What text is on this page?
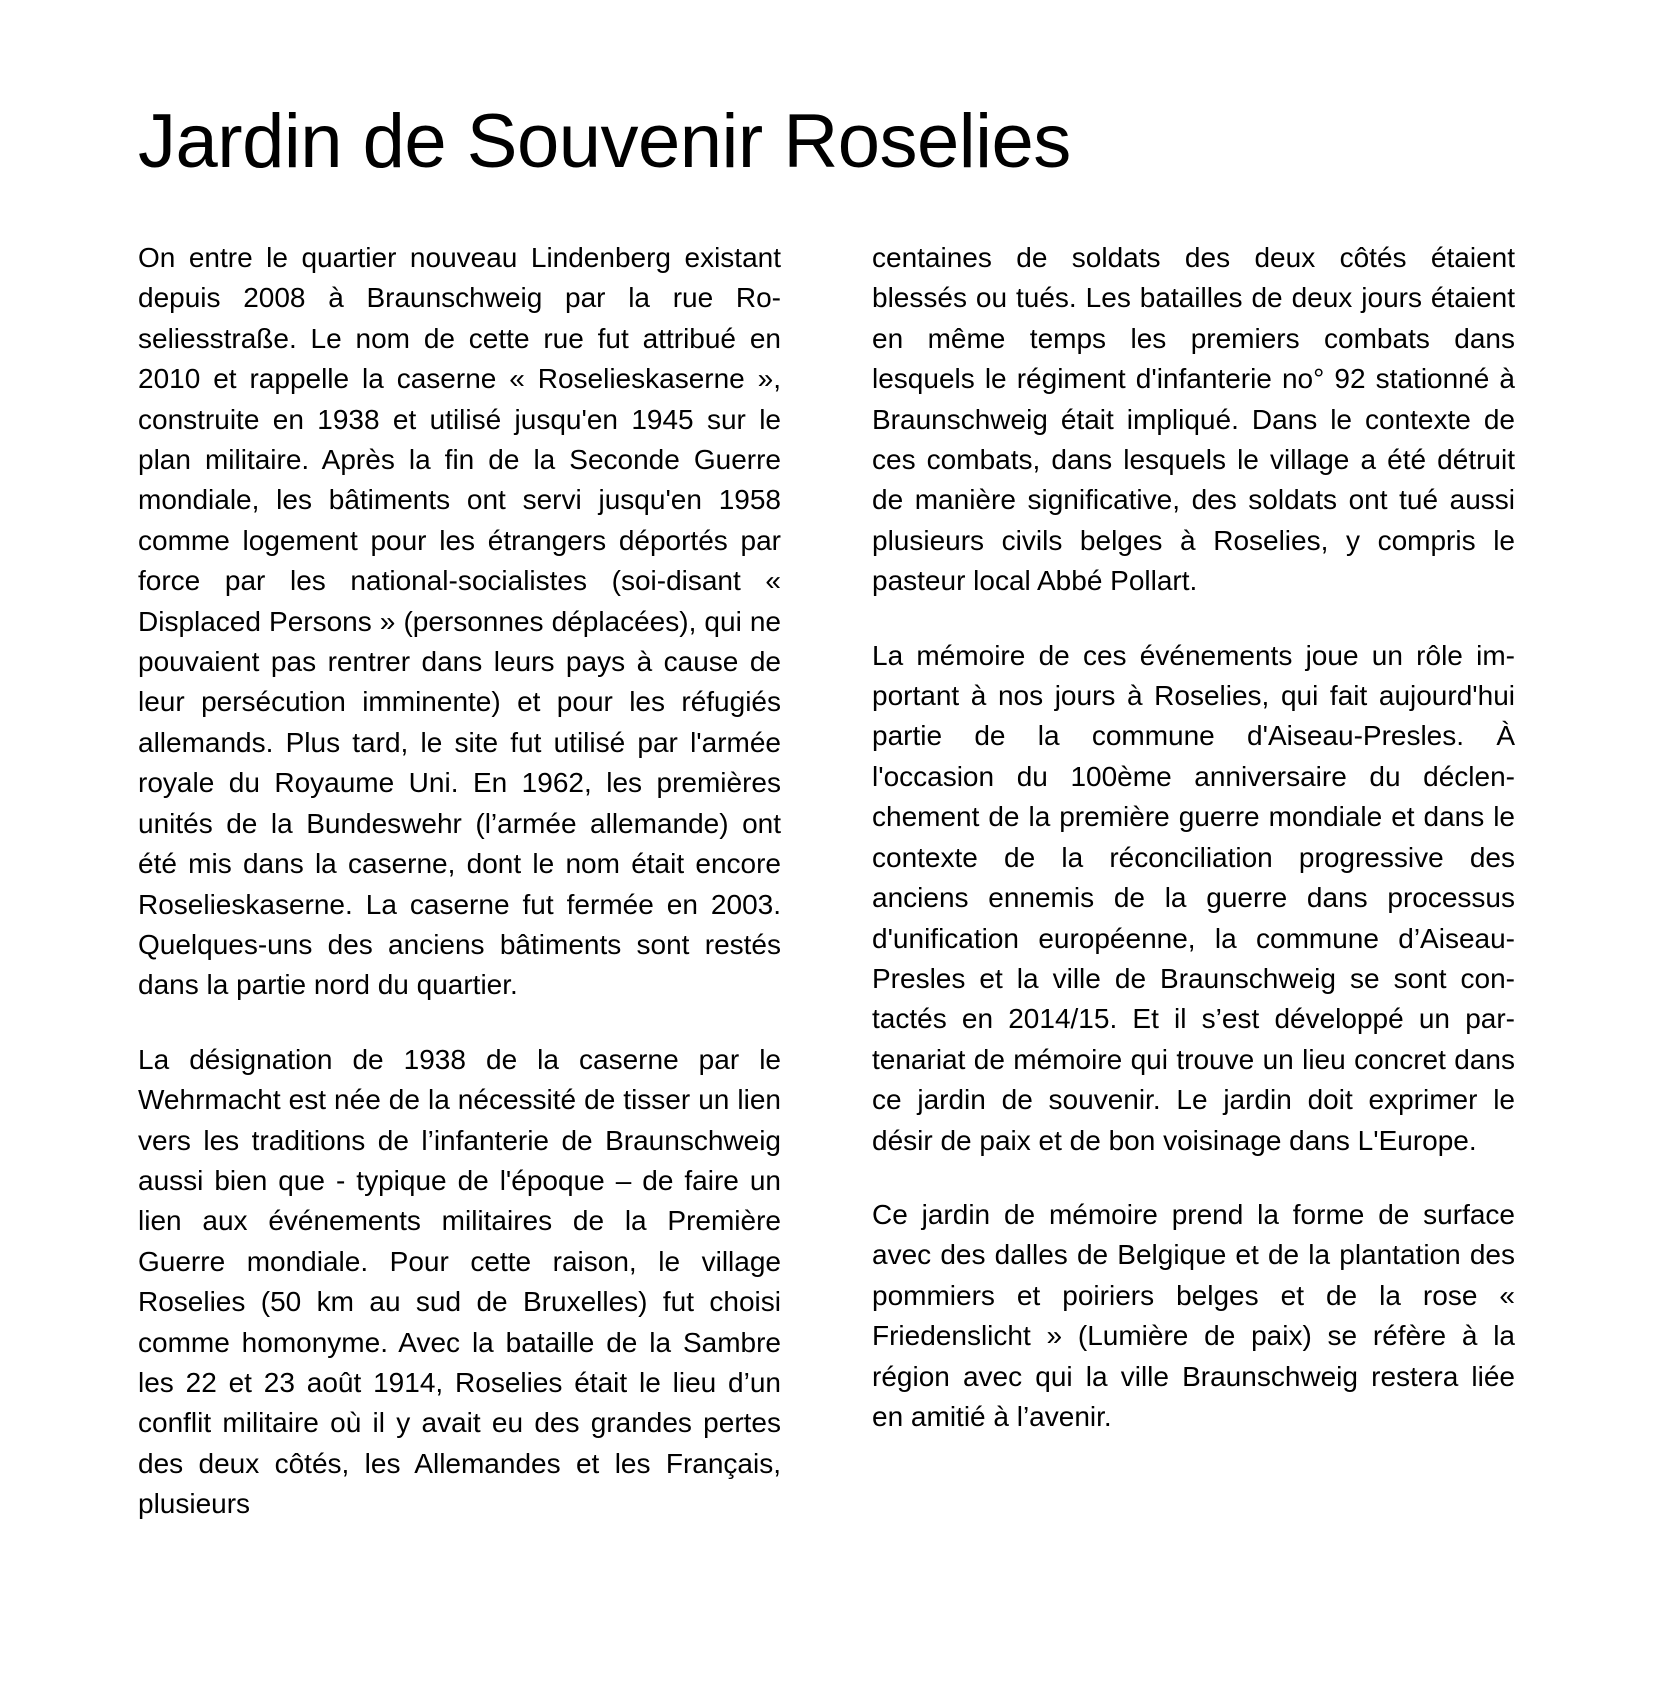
Jardin de Souvenir Roselies

On entre le quartier nouveau Lindenberg existant depuis 2008 à Braunschweig par la rue Roseliesstraße. Le nom de cette rue fut attribué en 2010 et rappelle la caserne « Roselieskaserne », construite en 1938 et utilisé jusqu'en 1945 sur le plan militaire. Après la fin de la Seconde Guerre mondiale, les bâtiments ont servi jusqu'en 1958 comme logement pour les étrangers déportés par force par les national-socialistes (soi-disant « Displaced Persons » (personnes déplacées), qui ne pouvaient pas rentrer dans leurs pays à cause de leur persécution imminente) et pour les réfugiés allemands. Plus tard, le site fut utilisé par l'armée royale du Royaume Uni. En 1962, les premières unités de la Bundeswehr (l’armée allemande) ont été mis dans la caserne, dont le nom était encore Roselieskaserne. La caserne fut fermée en 2003. Quelques-uns des anciens bâtiments sont restés dans la partie nord du quartier.

La désignation de 1938 de la caserne par le Wehrmacht est née de la nécessité de tisser un lien vers les traditions de l’infanterie de Braunschweig aussi bien que - typique de l'époque – de faire un lien aux événements militaires de la Première Guerre mondiale. Pour cette raison, le village Roselies (50 km au sud de Bruxelles) fut choisi comme homonyme. Avec la bataille de la Sambre les 22 et 23 août 1914, Roselies était le lieu d’un conflit militaire où il y avait eu des grandes pertes des deux côtés, les Allemandes et les Français, plusieurs

centaines de soldats des deux côtés étaient blessés ou tués. Les batailles de deux jours étaient en même temps les premiers combats dans lesquels le régiment d'infanterie no° 92 stationné à Braunschweig était impliqué. Dans le contexte de ces combats, dans lesquels le village a été détruit de manière significative, des soldats ont tué aussi plusieurs civils belges à Roselies, y compris le pasteur local Abbé Pollart.

La mémoire de ces événements joue un rôle important à nos jours à Roselies, qui fait aujourd'hui partie de la commune d'Aiseau-Presles. À l'occasion du 100ème anniversaire du déclenchement de la première guerre mondiale et dans le contexte de la réconciliation progressive des anciens ennemis de la guerre dans processus d'unification européenne, la commune d’Aiseau-Presles et la ville de Braunschweig se sont contactés en 2014/15. Et il s’est développé un partenariat de mémoire qui trouve un lieu concret dans ce jardin de souvenir. Le jardin doit exprimer le désir de paix et de bon voisinage dans L'Europe.

Ce jardin de mémoire prend la forme de surface avec des dalles de Belgique et de la plantation des pommiers et poiriers belges et de la rose « Friedenslicht » (Lumière de paix) se réfère à la région avec qui la ville Braunschweig restera liée en amitié à l’avenir.
